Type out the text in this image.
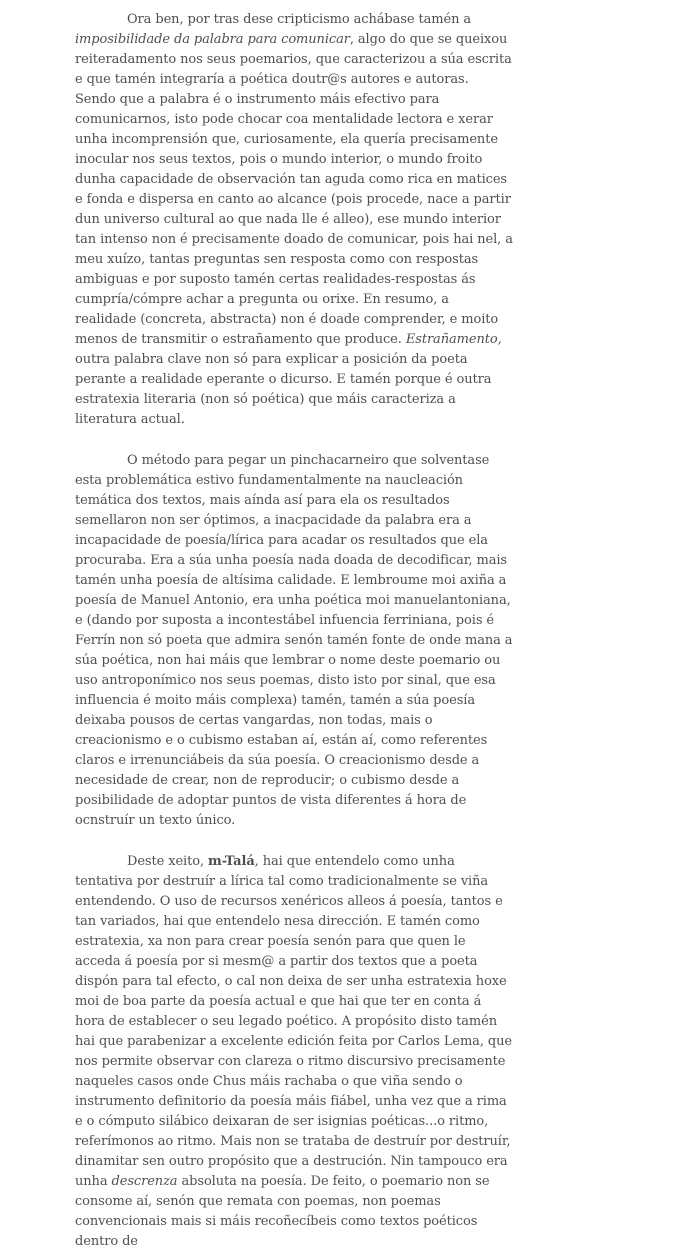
Ora ben, por tras dese cripticismo achábase tamén a imposibilidade da palabra para comunicar, algo do que se queixou reiteradamento nos seus poemarios, que caracterizou a súa escrita e que tamén integraría a poética doutr@s autores e autoras. Sendo que a palabra é o instrumento máis efectivo para comunicarnos, isto pode chocar coa mentalidade lectora e xerar unha incomprensión que, curiosamente, ela quería precisamente inocular nos seus textos, pois o mundo interior, o mundo froito dunha capacidade de observación tan aguda como rica en matices e fonda e dispersa en canto ao alcance (pois procede, nace a partir dun universo cultural ao que nada lle é alleo), ese mundo interior tan intenso non é precisamente doado de comunicar, pois hai nel, a meu xuízo, tantas preguntas sen resposta como con respostas ambiguas e por suposto tamén certas realidades-respostas ás cumpría/cómpre achar a pregunta ou orixe. En resumo, a realidade (concreta, abstracta) non é doade comprender, e moito menos de transmitir o estrañamento que produce. Estrañamento, outra palabra clave non só para explicar a posición da poeta perante a realidade eperante o dicurso. E tamén porque é outra estratexia literaria (non só poética) que máis caracteriza a literatura actual.

O método para pegar un pinchacarneiro que solventase esta problemática estivo fundamentalmente na naucleación temática dos textos, mais aínda así para ela os resultados semellaron non ser óptimos, a inacpacidade da palabra era a incapacidade de poesía/lírica para acadar os resultados que ela procuraba. Era a súa unha poesía nada doada de decodificar, mais tamén unha poesía de altísima calidade. E lembroume moi axiña a poesía de Manuel Antonio, era unha poética moi manuelantoniana, e (dando por suposta a incontestábel infuencia ferriniana, pois é Ferrín non só poeta que admira senón tamén fonte de onde mana a súa poética, non hai máis que lembrar o nome deste poemario ou uso antroponímico nos seus poemas, disto isto por sinal, que esa influencia é moito máis complexa) tamén, tamén a súa poesía deixaba pousos de certas vangardas, non todas, mais o creacionismo e o cubismo estaban aí, están aí, como referentes claros e irrenunciábeis da súa poesía. O creacionismo desde a necesidade de crear, non de reproducir; o cubismo desde a posibilidade de adoptar puntos de vista diferentes á hora de ocnstruír un texto único.

Deste xeito, m-Talá, hai que entendelo como unha tentativa por destruír a lírica tal como tradicionalmente se viña entendendo. O uso de recursos xenéricos alleos á poesía, tantos e tan variados, hai que entendelo nesa dirección. E tamén como estratexia, xa non para crear poesía senón para que quen le acceda á poesía por si mesm@ a partir dos textos que a poeta dispón para tal efecto, o cal non deixa de ser unha estratexia hoxe moi de boa parte da poesía actual e que hai que ter en conta á hora de establecer o seu legado poético. A propósito disto tamén hai que parabenizar a excelente edición feita por Carlos Lema, que nos permite observar con clareza o ritmo discursivo precisamente naqueles casos onde Chus máis rachaba o que viña sendo o instrumento definitorio da poesía máis fiábel, unha vez que a rima e o cómputo silábico deixaran de ser isignias poéticas...o ritmo, referímonos ao ritmo. Mais non se trataba de destruír por destruír, dinamitar sen outro propósito que a destrución. Nin tampouco era unha descrenza absoluta na poesía. De feito, o poemario non se consome aí, senón que remata con poemas, non poemas convencionais mais si máis recoñecíbeis como textos poéticos dentro de
